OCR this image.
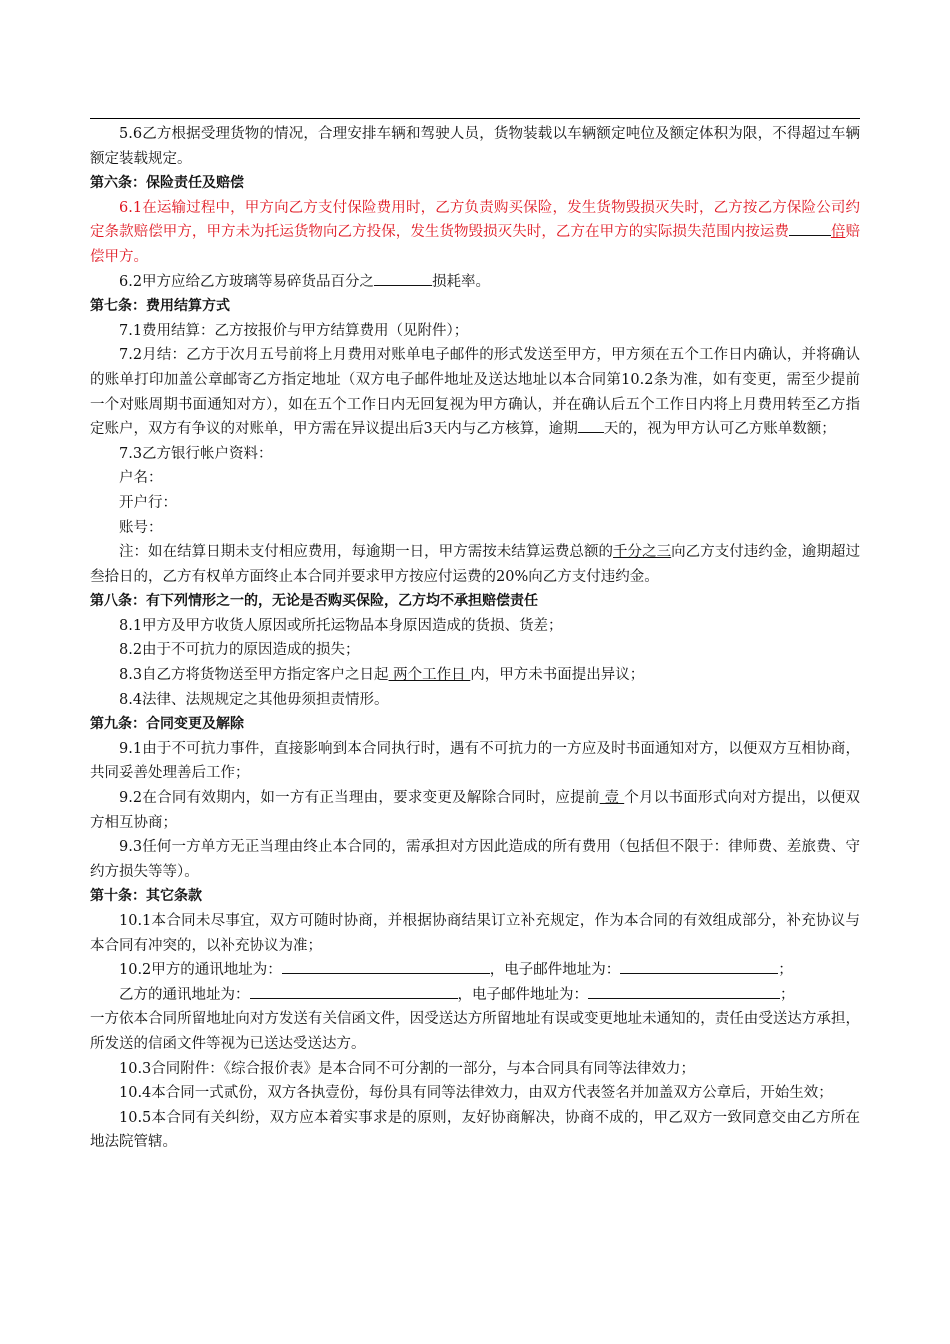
5.6乙方根据受理货物的情况，合理安排车辆和驾驶人员，货物装载以车辆额定吨位及额定体积为限，不得超过车辆额定装载规定。

第六条：保险责任及赔偿

6.1在运输过程中，甲方向乙方支付保险费用时，乙方负责购买保险，发生货物毁损灭失时，乙方按乙方保险公司约定条款赔偿甲方，甲方未为托运货物向乙方投保，发生货物毁损灭失时，乙方在甲方的实际损失范围内按运费	倍赔偿甲方。

6.2甲方应给乙方玻璃等易碎货品百分之	损耗率。

第七条：费用结算方式

7.1费用结算：乙方按报价与甲方结算费用（见附件）；

7.2月结：乙方于次月五号前将上月费用对账单电子邮件的形式发送至甲方，甲方须在五个工作日内确认，并将确认的账单打印加盖公章邮寄乙方指定地址（双方电子邮件地址及送达地址以本合同第10.2条为准，如有变更，需至少提前一个对账周期书面通知对方），如在五个工作日内无回复视为甲方确认，并在确认后五个工作日内将上月费用转至乙方指定账户，双方有争议的对账单，甲方需在异议提出后3天内与乙方核算，逾期 天的，视为甲方认可乙方账单数额；

7.3乙方银行帐户资料：

户名：

开户行：

账号：

注：如在结算日期未支付相应费用，每逾期一日，甲方需按未结算运费总额的千分之三向乙方支付违约金，逾期超过叁拾日的，乙方有权单方面终止本合同并要求甲方按应付运费的20%向乙方支付违约金。

第八条：有下列情形之一的，无论是否购买保险，乙方均不承担赔偿责任

8.1甲方及甲方收货人原因或所托运物品本身原因造成的货损、货差；

8.2由于不可抗力的原因造成的损失；

8.3自乙方将货物送至甲方指定客户之日起 两个工作日 内，甲方未书面提出异议；

8.4法律、法规规定之其他毋须担责情形。

第九条：合同变更及解除

9.1由于不可抗力事件，直接影响到本合同执行时，遇有不可抗力的一方应及时书面通知对方，以便双方互相协商，共同妥善处理善后工作；

9.2在合同有效期内，如一方有正当理由，要求变更及解除合同时，应提前 壹 个月以书面形式向对方提出，以便双方相互协商；

9.3任何一方单方无正当理由终止本合同的，需承担对方因此造成的所有费用（包括但不限于：律师费、差旅费、守约方损失等等）。

第十条：其它条款

10.1本合同未尽事宜，双方可随时协商，并根据协商结果订立补充规定，作为本合同的有效组成部分，补充协议与本合同有冲突的，以补充协议为准；

10.2甲方的通讯地址为：	，电子邮件地址为：	；

乙方的通讯地址为：	，电子邮件地址为：	；

一方依本合同所留地址向对方发送有关信函文件，因受送达方所留地址有误或变更地址未通知的，责任由受送达方承担，所发送的信函文件等视为已送达受送达方。

10.3合同附件：《综合报价表》是本合同不可分割的一部分，与本合同具有同等法律效力；

10.4本合同一式贰份，双方各执壹份，每份具有同等法律效力，由双方代表签名并加盖双方公章后，开始生效；

10.5本合同有关纠纷，双方应本着实事求是的原则，友好协商解决，协商不成的，甲乙双方一致同意交由乙方所在地法院管辖。
